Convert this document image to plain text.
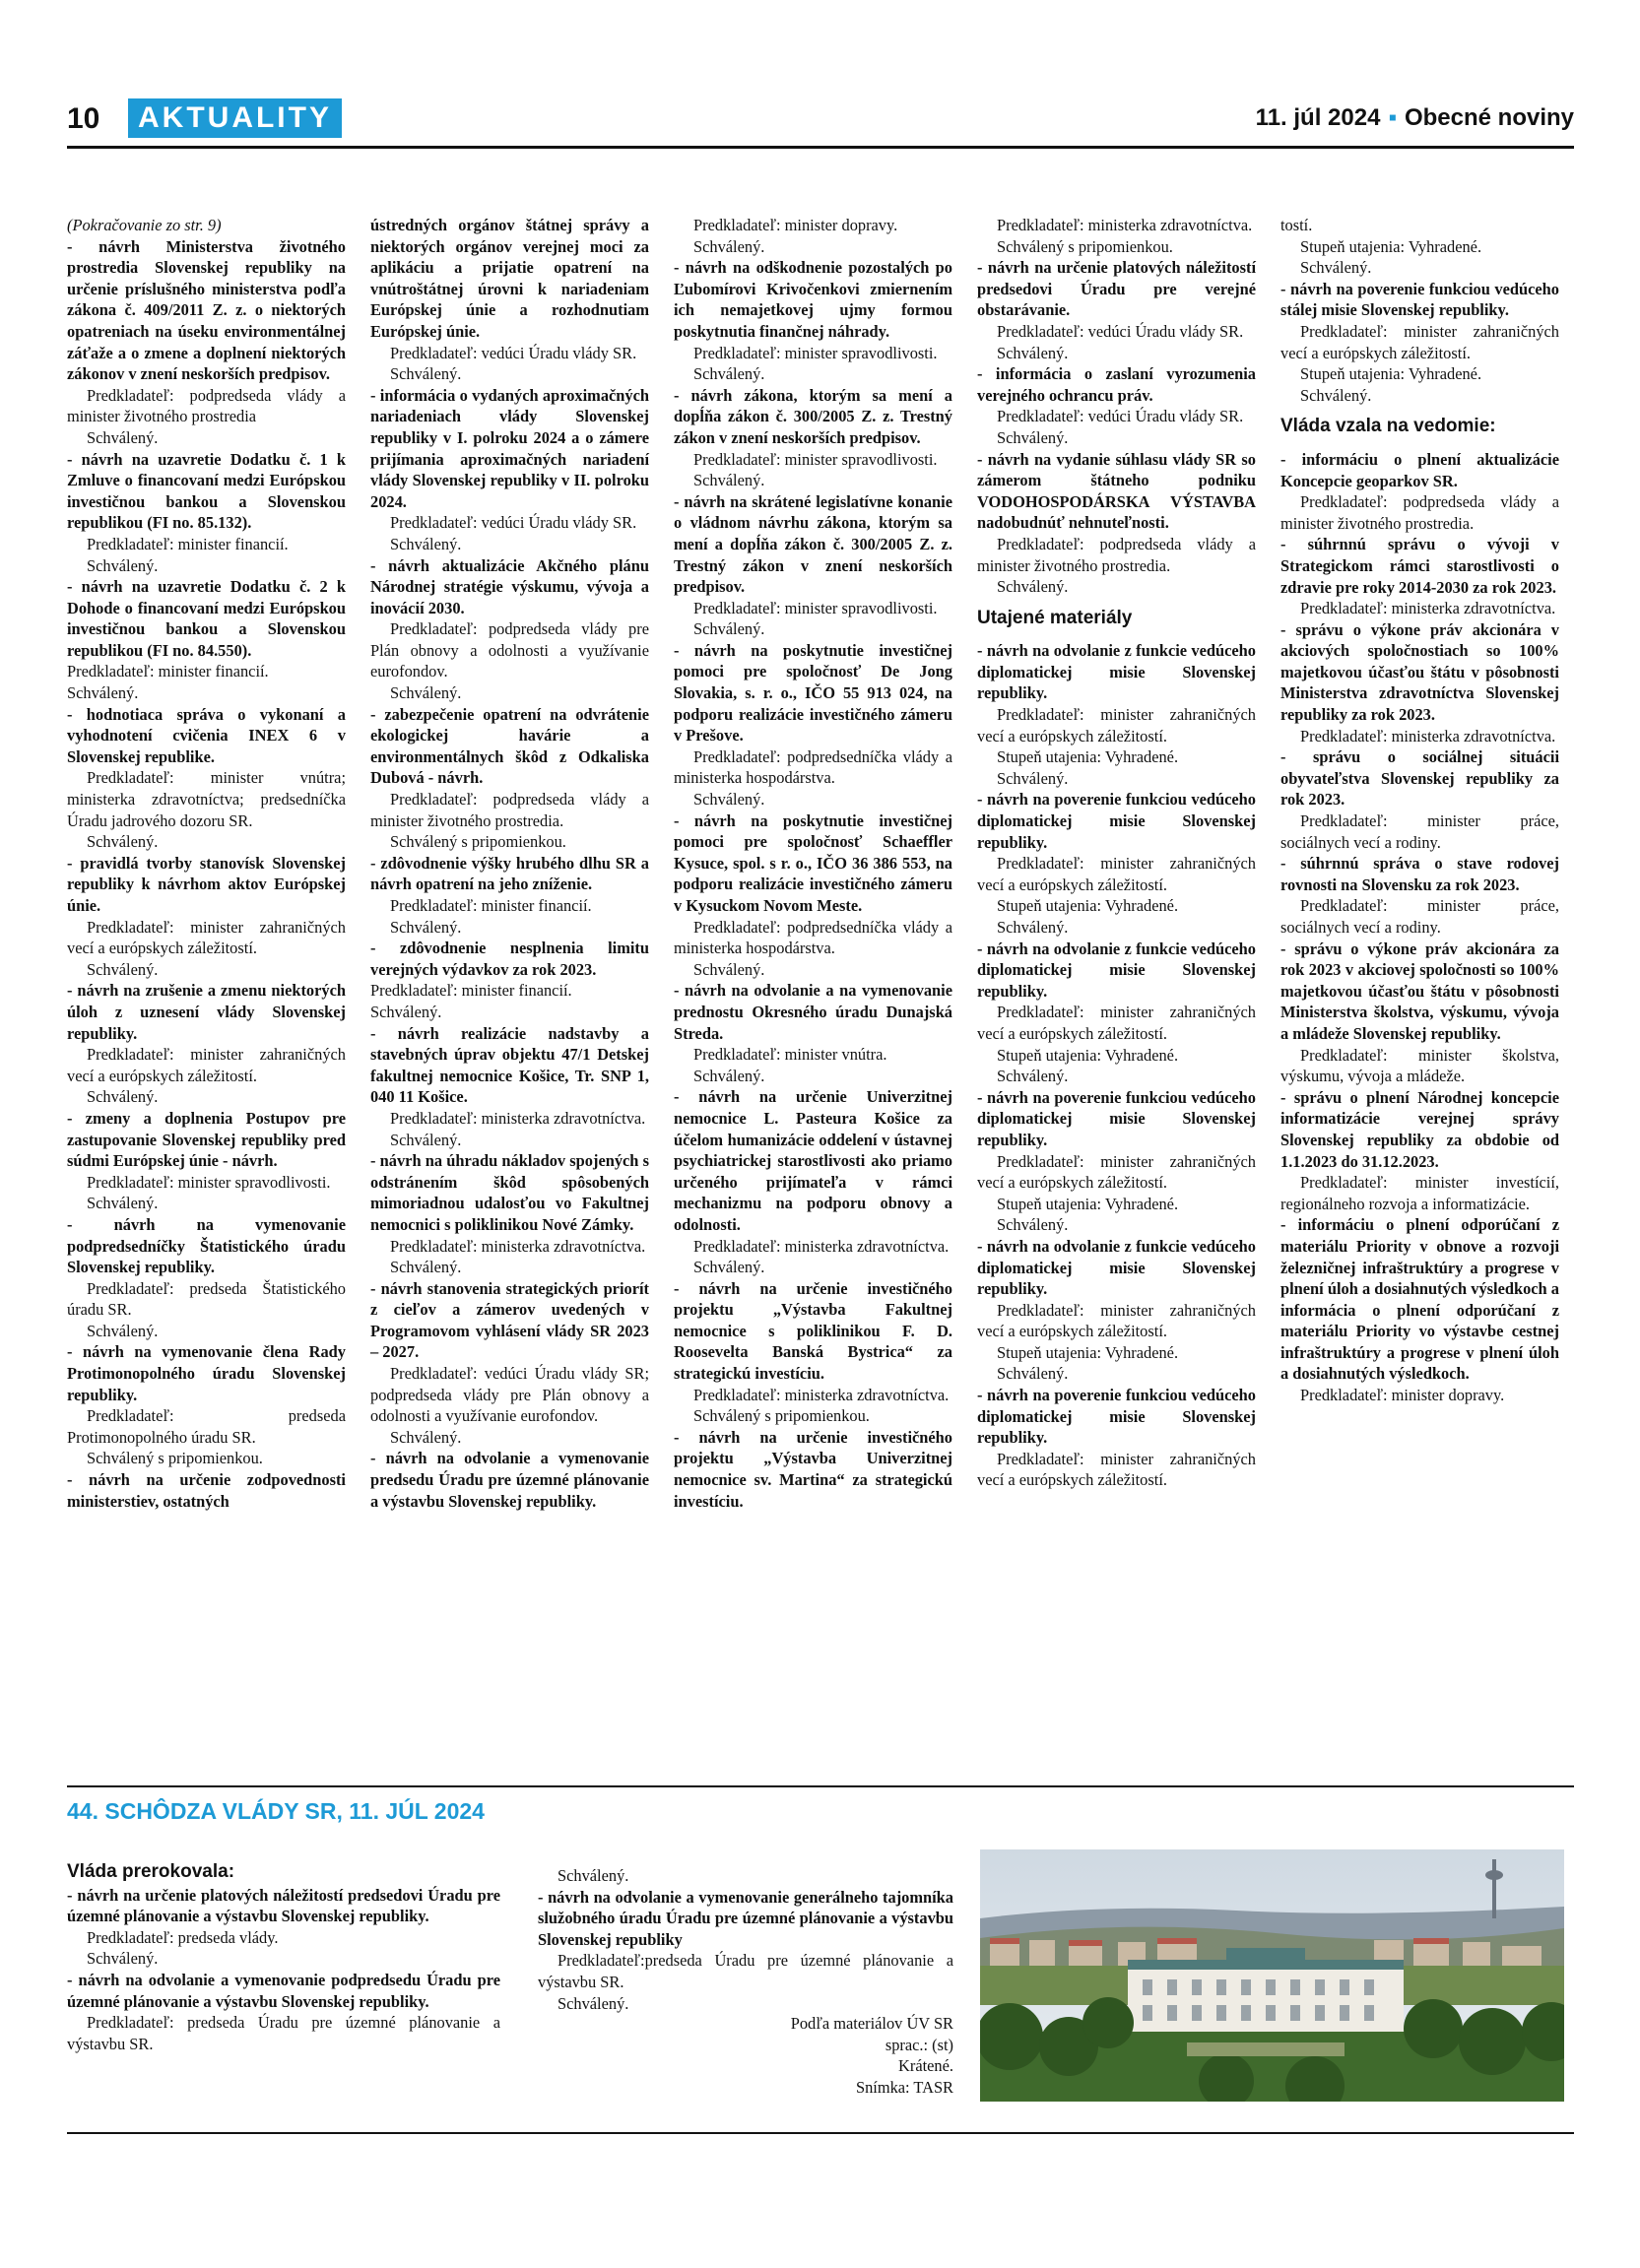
10	AKTUALITY	11. júl 2024 ▪ Obecné noviny

(Pokračovanie zo str. 9)

- návrh Ministerstva životného prostredia Slovenskej republiky na určenie príslušného ministerstva podľa zákona č. 409/2011 Z. z. o niektorých opatreniach na úseku environmentálnej záťaže a o zmene a doplnení niektorých zákonov v znení neskorších predpisov.

Predkladateľ: podpredseda vlády a minister životného prostredia

Schválený.

- návrh na uzavretie Dodatku č. 1 k Zmluve o financovaní medzi Európskou investičnou bankou a Slovenskou republikou (FI no. 85.132).

Predkladateľ: minister financií.

Schválený.

- návrh na uzavretie Dodatku č. 2 k Dohode o financovaní medzi Európskou investičnou bankou a Slovenskou republikou (FI no. 84.550).

Predkladateľ: minister financií.

Schválený.

- hodnotiaca správa o vykonaní a vyhodnotení cvičenia INEX 6 v Slovenskej republike.

Predkladateľ: minister vnútra; ministerka zdravotníctva; predsedníčka Úradu jadrového dozoru SR.

Schválený.

- pravidlá tvorby stanovísk Slovenskej republiky k návrhom aktov Európskej únie.

Predkladateľ: minister zahraničných vecí a európskych záležitostí.

Schválený.

- návrh na zrušenie a zmenu niektorých úloh z uznesení vlády Slovenskej republiky.

Predkladateľ: minister zahraničných vecí a európskych záležitostí.

Schválený.

- zmeny a doplnenia Postupov pre zastupovanie Slovenskej republiky pred súdmi Európskej únie - návrh.

Predkladateľ: minister spravodlivosti.

Schválený.

- návrh na vymenovanie podpredsedníčky Štatistického úradu Slovenskej republiky.

Predkladateľ: predseda Štatistického úradu SR.

Schválený.

- návrh na vymenovanie člena Rady Protimonopolného úradu Slovenskej republiky.

Predkladateľ: predseda Protimonopolného úradu SR.

Schválený s pripomienkou.

- návrh na určenie zodpovednosti ministerstiev, ostatných

ústredných orgánov štátnej správy a niektorých orgánov verejnej moci za aplikáciu a prijatie opatrení na vnútroštátnej úrovni k nariadeniam Európskej únie a rozhodnutiam Európskej únie.

Predkladateľ: vedúci Úradu vlády SR.

Schválený.

- informácia o vydaných aproximačných nariadeniach vlády Slovenskej republiky v I. polroku 2024 a o zámere prijímania aproximačných nariadení vlády Slovenskej republiky v II. polroku 2024.

Predkladateľ: vedúci Úradu vlády SR.

Schválený.

- návrh aktualizácie Akčného plánu Národnej stratégie výskumu, vývoja a inovácií 2030.

Predkladateľ: podpredseda vlády pre Plán obnovy a odolnosti a využívanie eurofondov.

Schválený.

- zabezpečenie opatrení na odvrátenie ekologickej havárie a environmentálnych škôd z Odkaliska Dubová - návrh.

Predkladateľ: podpredseda vlády a minister životného prostredia.

Schválený s pripomienkou.

- zdôvodnenie výšky hrubého dlhu SR a návrh opatrení na jeho zníženie.

Predkladateľ: minister financií.

Schválený.

- zdôvodnenie nesplnenia limitu verejných výdavkov za rok 2023.

Predkladateľ: minister financií.

Schválený.

- návrh realizácie nadstavby a stavebných úprav objektu 47/1 Detskej fakultnej nemocnice Košice, Tr. SNP 1, 040 11 Košice.

Predkladateľ: ministerka zdravotníctva.

Schválený.

- návrh na úhradu nákladov spojených s odstránením škôd spôsobených mimoriadnou udalosťou vo Fakultnej nemocnici s poliklinikou Nové Zámky.

Predkladateľ: ministerka zdravotníctva.

Schválený.

- návrh stanovenia strategických priorít z cieľov a zámerov uvedených v Programovom vyhlásení vlády SR 2023 – 2027.

Predkladateľ: vedúci Úradu vlády SR; podpredseda vlády pre Plán obnovy a odolnosti a využívanie eurofondov.

Schválený.

- návrh na odvolanie a vymenovanie predsedu Úradu pre územné plánovanie a výstavbu Slovenskej republiky.

Predkladateľ: minister dopravy.

Schválený.

- návrh na odškodnenie pozostalých po Ľubomírovi Krivočenkovi zmiernením ich nemajetkovej ujmy formou poskytnutia finančnej náhrady.

Predkladateľ: minister spravodlivosti.

Schválený.

- návrh zákona, ktorým sa mení a dopĺňa zákon č. 300/2005 Z. z. Trestný zákon v znení neskorších predpisov.

Predkladateľ: minister spravodlivosti.

Schválený.

- návrh na skrátené legislatívne konanie o vládnom návrhu zákona, ktorým sa mení a dopĺňa zákon č. 300/2005 Z. z. Trestný zákon v znení neskorších predpisov.

Predkladateľ: minister spravodlivosti.

Schválený.

- návrh na poskytnutie investičnej pomoci pre spoločnosť De Jong Slovakia, s. r. o., IČO 55 913 024, na podporu realizácie investičného zámeru v Prešove.

Predkladateľ: podpredsedníčka vlády a ministerka hospodárstva.

Schválený.

- návrh na poskytnutie investičnej pomoci pre spoločnosť Schaeffler Kysuce, spol. s r. o., IČO 36 386 553, na podporu realizácie investičného zámeru v Kysuckom Novom Meste.

Predkladateľ: podpredsedníčka vlády a ministerka hospodárstva.

Schválený.

- návrh na odvolanie a na vymenovanie prednostu Okresného úradu Dunajská Streda.

Predkladateľ: minister vnútra.

Schválený.

- návrh na určenie Univerzitnej nemocnice L. Pasteura Košice za účelom humanizácie oddelení v ústavnej psychiatrickej starostlivosti ako priamo určeného prijímateľa v rámci mechanizmu na podporu obnovy a odolnosti.

Predkladateľ: ministerka zdravotníctva.

Schválený.

- návrh na určenie investičného projektu „Výstavba Fakultnej nemocnice s poliklinikou F. D. Roosevelta Banská Bystrica“ za strategickú investíciu.

Predkladateľ: ministerka zdravotníctva.

Schválený s pripomienkou.

- návrh na určenie investičného projektu „Výstavba Univerzitnej nemocnice sv. Martina“ za strategickú investíciu.

Predkladateľ: ministerka zdravotníctva.

Schválený s pripomienkou.

- návrh na určenie platových náležitostí predsedovi Úradu pre verejné obstarávanie.

Predkladateľ: vedúci Úradu vlády SR.

Schválený.

- informácia o zaslaní vyrozumenia verejného ochrancu práv.

Predkladateľ: vedúci Úradu vlády SR.

Schválený.

- návrh na vydanie súhlasu vlády SR so zámerom štátneho podniku VODOHOSPODÁRSKA VÝSTAVBA nadobudnúť nehnuteľnosti.

Predkladateľ: podpredseda vlády a minister životného prostredia.

Schválený.

Utajené materiály

- návrh na odvolanie z funkcie vedúceho diplomatickej misie Slovenskej republiky.

Predkladateľ: minister zahraničných vecí a európskych záležitostí.

Stupeň utajenia: Vyhradené.

Schválený.

- návrh na poverenie funkciou vedúceho diplomatickej misie Slovenskej republiky.

Predkladateľ: minister zahraničných vecí a európskych záležitostí.

Stupeň utajenia: Vyhradené.

Schválený.

- návrh na odvolanie z funkcie vedúceho diplomatickej misie Slovenskej republiky.

Predkladateľ: minister zahraničných vecí a európskych záležitostí.

Stupeň utajenia: Vyhradené.

Schválený.

- návrh na poverenie funkciou vedúceho diplomatickej misie Slovenskej republiky.

Predkladateľ: minister zahraničných vecí a európskych záležitostí.

Stupeň utajenia: Vyhradené.

Schválený.

- návrh na odvolanie z funkcie vedúceho diplomatickej misie Slovenskej republiky.

Predkladateľ: minister zahraničných vecí a európskych záležitostí.

Stupeň utajenia: Vyhradené.

Schválený.

- návrh na poverenie funkciou vedúceho diplomatickej misie Slovenskej republiky.

Predkladateľ: minister zahraničných vecí a európskych záležitostí.

tostí.

Stupeň utajenia: Vyhradené.

Schválený.

- návrh na poverenie funkciou vedúceho stálej misie Slovenskej republiky.

Predkladateľ: minister zahraničných vecí a európskych záležitostí.

Stupeň utajenia: Vyhradené.

Schválený.

Vláda vzala na vedomie:

- informáciu o plnení aktualizácie Koncepcie geoparkov SR.

Predkladateľ: podpredseda vlády a minister životného prostredia.

- súhrnnú správu o vývoji v Strategickom rámci starostlivosti o zdravie pre roky 2014-2030 za rok 2023.

Predkladateľ: ministerka zdravotníctva.

- správu o výkone práv akcionára v akciových spoločnostiach so 100% majetkovou účasťou štátu v pôsobnosti Ministerstva zdravotníctva Slovenskej republiky za rok 2023.

Predkladateľ: ministerka zdravotníctva.

- správu o sociálnej situácii obyvateľstva Slovenskej republiky za rok 2023.

Predkladateľ: minister práce, sociálnych vecí a rodiny.

- súhrnnú správa o stave rodovej rovnosti na Slovensku za rok 2023.

Predkladateľ: minister práce, sociálnych vecí a rodiny.

- správu o výkone práv akcionára za rok 2023 v akciovej spoločnosti so 100% majetkovou účasťou štátu v pôsobnosti Ministerstva školstva, výskumu, vývoja a mládeže Slovenskej republiky.

Predkladateľ: minister školstva, výskumu, vývoja a mládeže.

- správu o plnení Národnej koncepcie informatizácie verejnej správy Slovenskej republiky za obdobie od 1.1.2023 do 31.12.2023.

Predkladateľ: minister investícií, regionálneho rozvoja a informatizácie.

- informáciu o plnení odporúčaní z materiálu Priority v obnove a rozvoji železničnej infraštruktúry a progrese v plnení úloh a dosiahnutých výsledkoch a informácia o plnení odporúčaní z materiálu Priority vo výstavbe cestnej infraštruktúry a progrese v plnení úloh a dosiahnutých výsledkoch.

Predkladateľ: minister dopravy.

44. SCHÔDZA VLÁDY SR, 11. JÚL 2024
Vláda prerokovala:

- návrh na určenie platových náležitostí predsedovi Úradu pre územné plánovanie a výstavbu Slovenskej republiky.

Predkladateľ: predseda vlády.

Schválený.

- návrh na odvolanie a vymenovanie podpredsedu Úradu pre územné plánovanie a výstavbu Slovenskej republiky.

Predkladateľ: predseda Úradu pre územné plánovanie a výstavbu SR.

Schválený.

- návrh na odvolanie a vymenovanie generálneho tajomníka služobného úradu Úradu pre územné plánovanie a výstavbu Slovenskej republiky

Predkladateľ:predseda Úradu pre územné plánovanie a výstavbu SR.

Schválený.

Podľa materiálov ÚV SR
sprac.: (st)
Krátené.
Snímka: TASR
